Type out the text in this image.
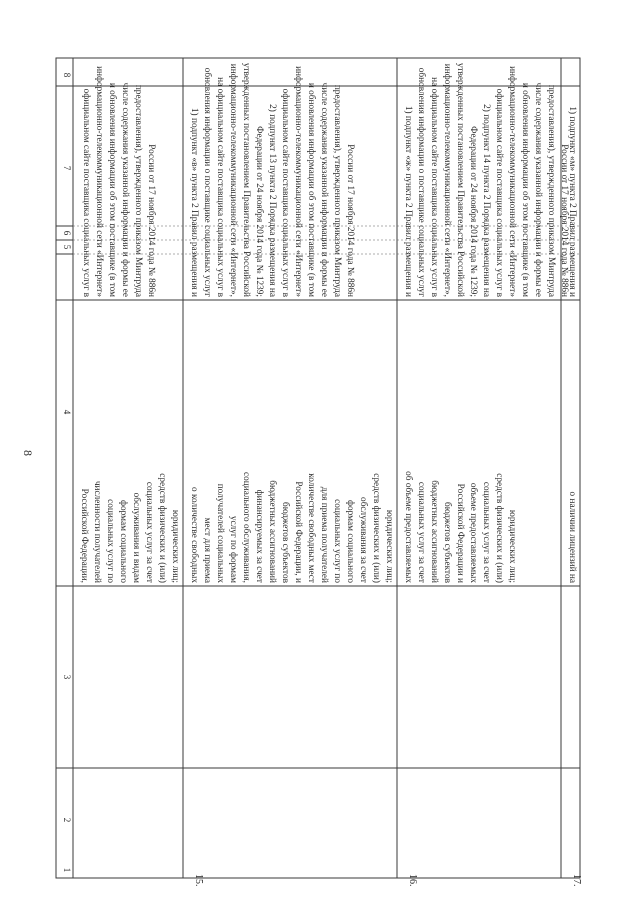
8
8
7
6
5
4
3
2
1
15.	16.	17.
Российской Федерации, численности получателей социальных услуг по формам социального обслуживания и видам социальных услуг за счет средств физических и (или) юридических лиц;
официальном сайте поставщика социальных услуг в информационно-телекоммуникационной сети «Интернет» и обновления информации об этом поставщике (в том числе содержания указанной информации и формы ее предоставления), утвержденного приказом Минтруда России от 17 ноября 2014 года № 886н
о количестве свободных мест для приема получателей социальных услуг по формам социального обслуживания, финансируемых за счет бюджетных ассигнований бюджетов субъектов Российской Федерации, и количестве свободных мест для приема получателей социальных услуг по формам социального обслуживания за счет средств физических и (или) юридических лиц;
1) подпункт «в» пункта 2 Правил размещения и обновления информации о поставщике социальных услуг на официальном сайте поставщика социальных услуг в информационно-телекоммуникационной сети «Интернет», утвержденных постановлением Правительства Российской Федерации от 24 ноября 2014 года № 1239; 2) подпункт 13 пункта 2 Порядка размещения на официальном сайте поставщика социальных услуг в информационно-телекоммуникационной сети «Интернет» и обновления информации об этом поставщике (в том числе содержания указанной информации и формы ее предоставления), утвержденного приказом Минтруда России от 17 ноября 2014 года № 886н
об объеме предоставляемых социальных услуг за счет бюджетных ассигнований бюджетов субъектов Российской Федерации и объеме предоставляемых социальных услуг за счет средств физических и (или) юридических лиц;
1) подпункт «ж» пункта 2 Правил размещения и обновления информации о поставщике социальных услуг на официальном сайте поставщика социальных услуг в информационно-телекоммуникационной сети «Интернет», утвержденных постановлением Правительства Российской Федерации от 24 ноября 2014 года № 1239; 2) подпункт 14 пункта 2 Порядка размещения на официальном сайте поставщика социальных услуг в информационно-телекоммуникационной сети «Интернет» и обновления информации об этом поставщике (в том числе содержания указанной информации и формы ее предоставления), утвержденного приказом Минтруда России от 17 ноября 2014 года № 886н
о наличии лицензий на
1) подпункт «м» пункта 2 Правил размещения и
